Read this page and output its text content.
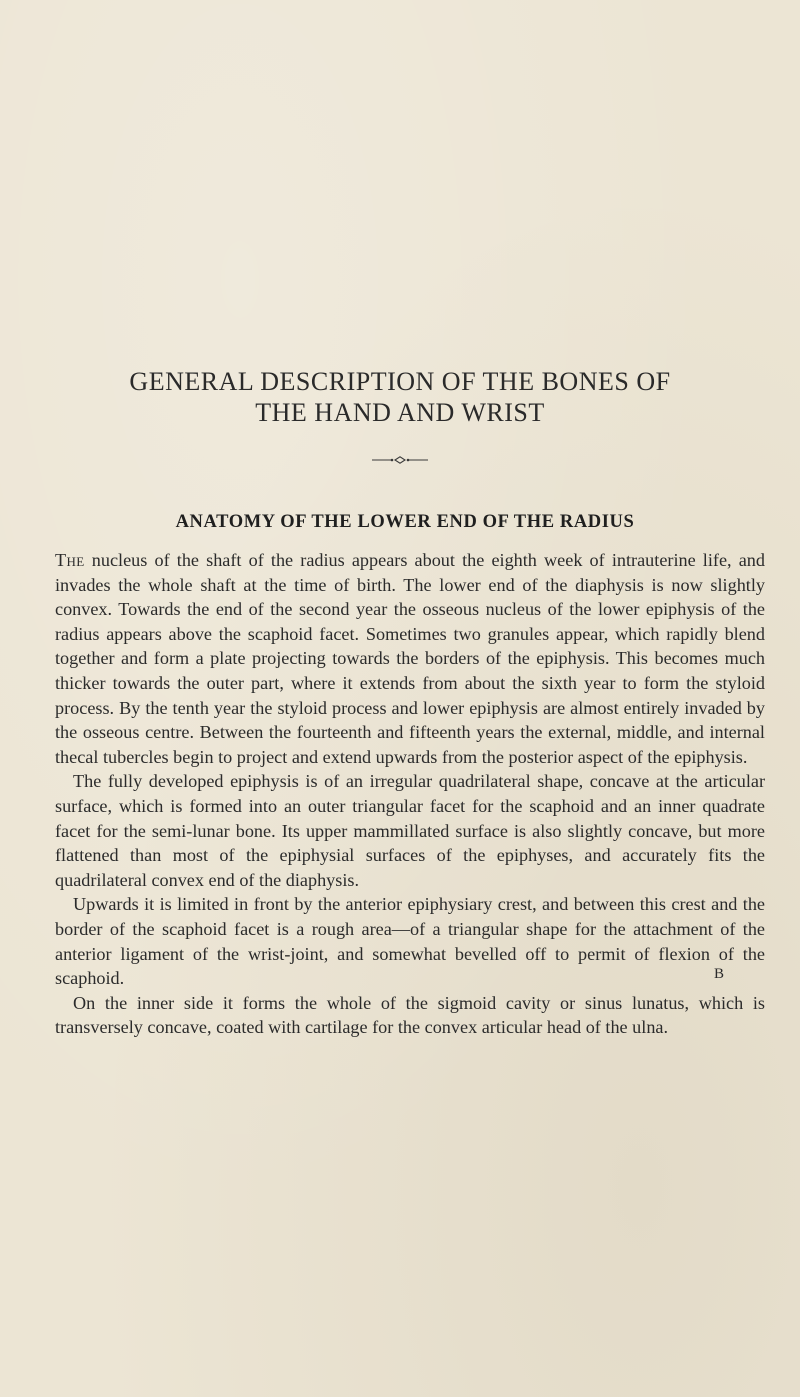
GENERAL DESCRIPTION OF THE BONES OF
THE HAND AND WRIST
ANATOMY OF THE LOWER END OF THE RADIUS

The nucleus of the shaft of the radius appears about the eighth week of intrauterine life, and invades the whole shaft at the time of birth. The lower end of the diaphysis is now slightly convex. Towards the end of the second year the osseous nucleus of the lower epiphysis of the radius appears above the scaphoid facet. Sometimes two granules appear, which rapidly blend together and form a plate projecting towards the borders of the epiphysis. This becomes much thicker towards the outer part, where it extends from about the sixth year to form the styloid process. By the tenth year the styloid process and lower epiphysis are almost entirely invaded by the osseous centre. Between the fourteenth and fifteenth years the external, middle, and internal thecal tubercles begin to project and extend upwards from the posterior aspect of the epiphysis.

The fully developed epiphysis is of an irregular quadrilateral shape, concave at the articular surface, which is formed into an outer triangular facet for the scaphoid and an inner quadrate facet for the semi-lunar bone. Its upper mammillated surface is also slightly concave, but more flattened than most of the epiphysial surfaces of the epiphyses, and accurately fits the quadrilateral convex end of the diaphysis.

Upwards it is limited in front by the anterior epiphysiary crest, and between this crest and the border of the scaphoid facet is a rough area—of a triangular shape for the attachment of the anterior ligament of the wrist-joint, and somewhat bevelled off to permit of flexion of the scaphoid.

On the inner side it forms the whole of the sigmoid cavity or sinus lunatus, which is transversely concave, coated with cartilage for the convex articular head of the ulna.

B
